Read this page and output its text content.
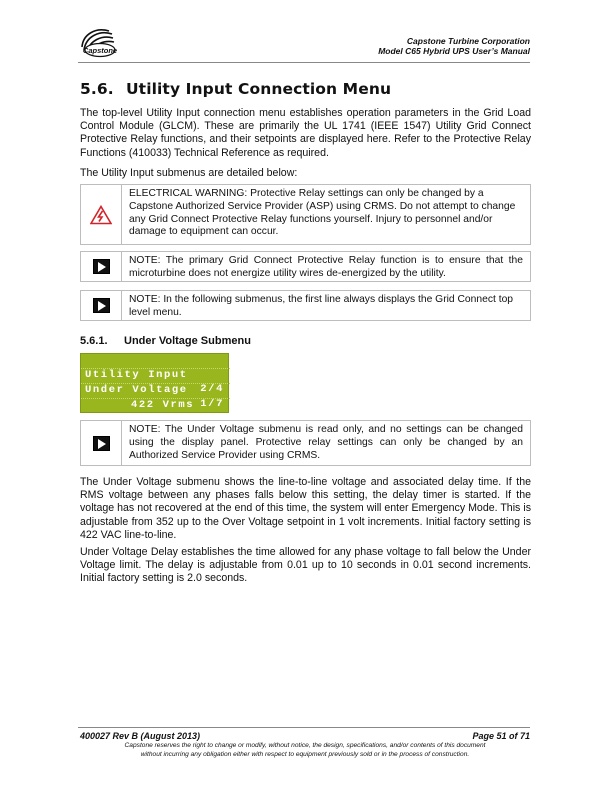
Capstone
Capstone Turbine Corporation
Model C65 Hybrid UPS User’s Manual
5.6. Utility Input Connection Menu
The top-level Utility Input connection menu establishes operation parameters in the Grid Load Control Module (GLCM). These are primarily the UL 1741 (IEEE 1547) Utility Grid Connect Protective Relay functions, and their setpoints are displayed here. Refer to the Protective Relay Functions (410033) Technical Reference as required.
The Utility Input submenus are detailed below:
ELECTRICAL WARNING: Protective Relay settings can only be changed by a Capstone Authorized Service Provider (ASP) using CRMS. Do not attempt to change any Grid Connect Protective Relay functions yourself. Injury to personnel and/or damage to equipment can occur.
NOTE: The primary Grid Connect Protective Relay function is to ensure that the microturbine does not energize utility wires de-energized by the utility.
NOTE: In the following submenus, the first line always displays the Grid Connect top level menu.
5.6.1. Under Voltage Submenu

Utility Input

2/4

Under Voltage

1/7

422 Vrms

NOTE: The Under Voltage submenu is read only, and no settings can be changed using the display panel. Protective relay settings can only be changed by an Authorized Service Provider using CRMS.
The Under Voltage submenu shows the line-to-line voltage and associated delay time. If the RMS voltage between any phases falls below this setting, the delay timer is started. If the voltage has not recovered at the end of this time, the system will enter Emergency Mode. This is adjustable from 352 up to the Over Voltage setpoint in 1 volt increments. Initial factory setting is 422 VAC line-to-line.
Under Voltage Delay establishes the time allowed for any phase voltage to fall below the Under Voltage limit. The delay is adjustable from 0.01 up to 10 seconds in 0.01 second increments. Initial factory setting is 2.0 seconds.
400027 Rev B (August 2013)	Page 51 of 71
Capstone reserves the right to change or modify, without notice, the design, specifications, and/or contents of this document
without incurring any obligation either with respect to equipment previously sold or in the process of construction.
